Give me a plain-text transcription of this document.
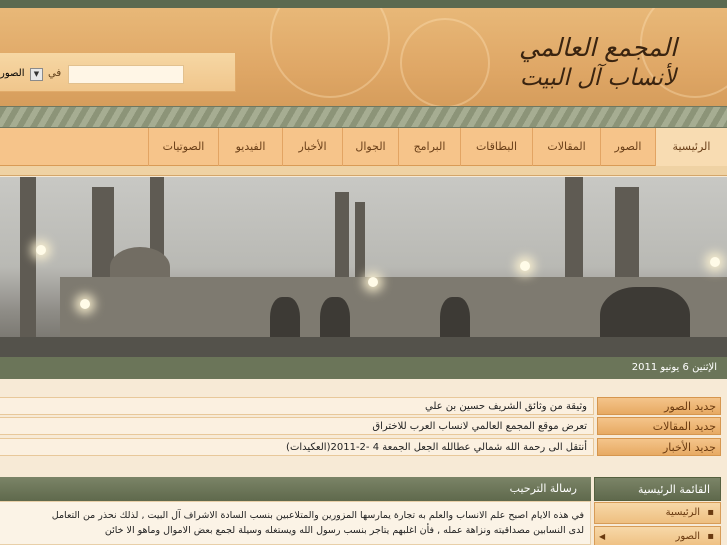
الصور	▼ في
المجمع العالمي
لأنساب آل البيت
الرئيسية
الصور
المقالات
البطاقات
البرامج
الجوال
الأخبار
الفيديو
الصوتيات
الإثنين 6 يونيو 2011
وثيقة من وثائق الشريف حسين بن علي	جديد الصور
تعرض موقع المجمع العالمي لانساب العرب للاختراق	جديد المقالات
(العكيدات)أنتقل الى رحمة الله شمالي عطالله الجعل الجمعة 4 -2-2011	جديد الأخبار
رسالة الترحيب
في هذه الايام اصبح علم الانساب والعلم به تجارة يمارسها المزورين والمتلاعبين بنسب السادة الاشراف آل البيت , لذلك نحذر من التعامل
لدى النسابين مصداقيته ونزاهة عمله , فأن اغلبهم يتاجر بنسب رسول الله ويستغله وسيلة لجمع بعض الاموال وماهو الا خائن
القائمة الرئيسية
الرئيسية ▪
◀	الصور ▪
